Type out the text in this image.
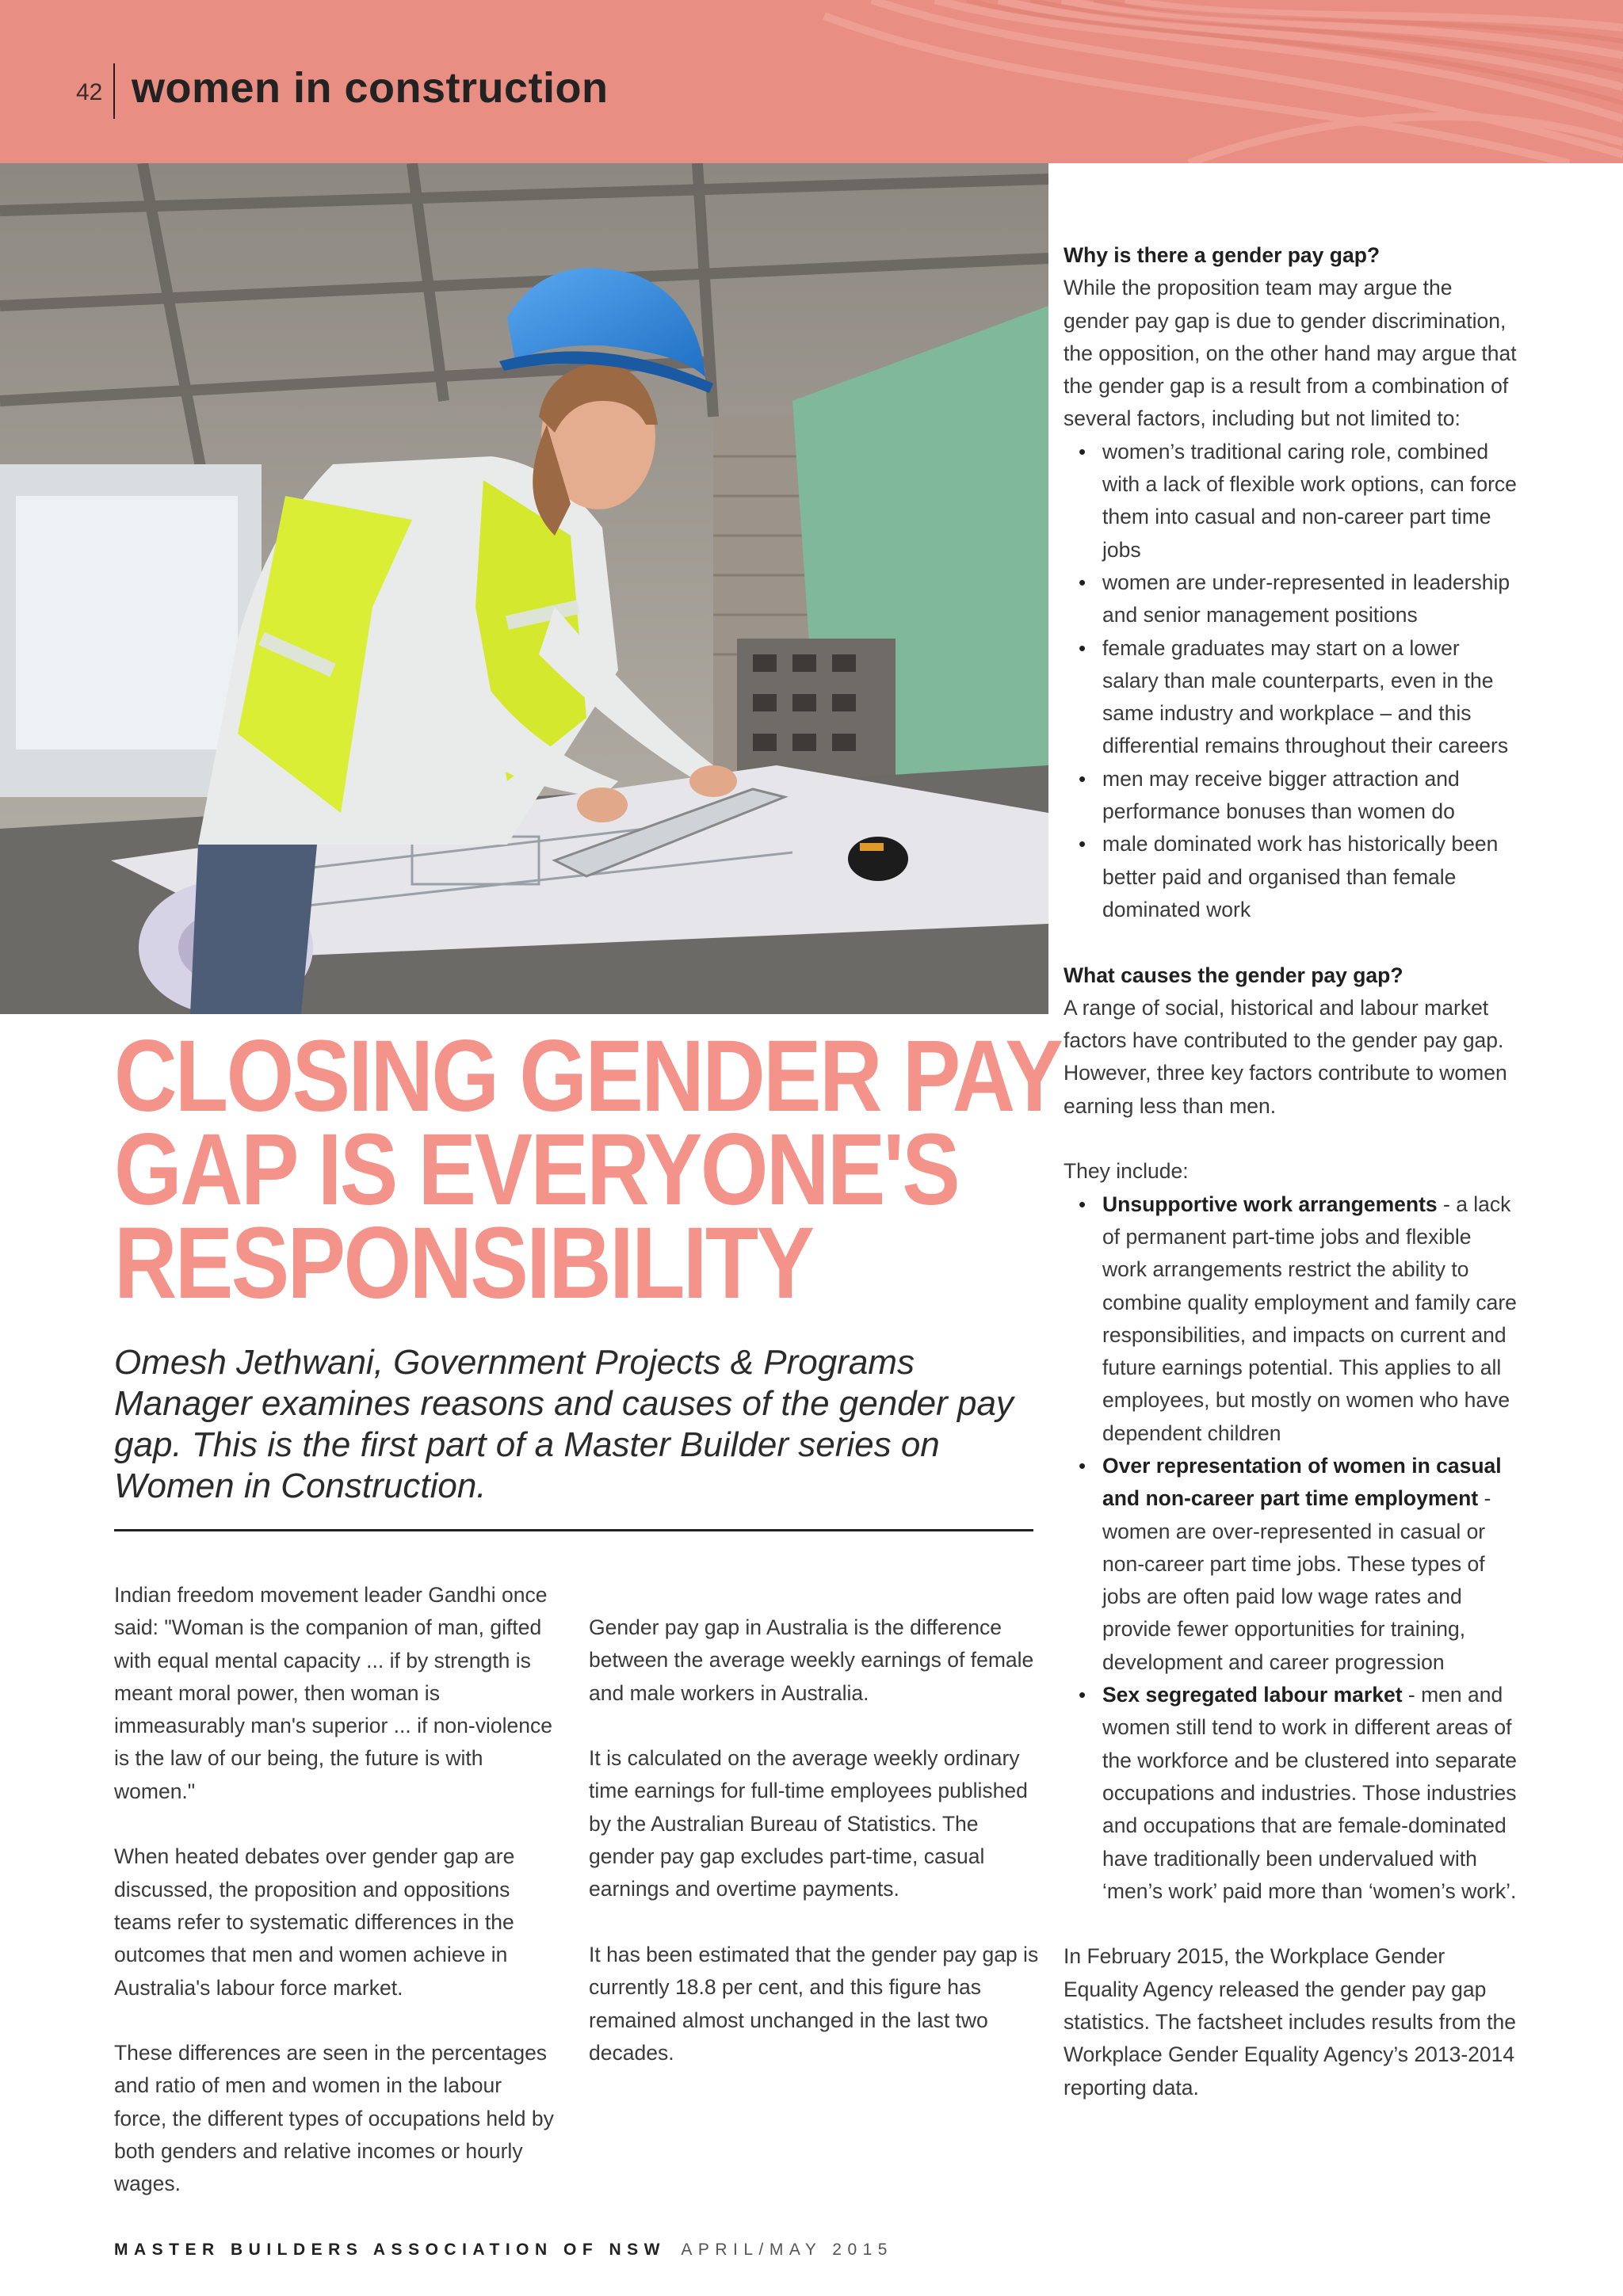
42 women in construction
CLOSING GENDER PAY
GAP IS EVERYONE'S
RESPONSIBILITY
Omesh Jethwani, Government Projects & Programs Manager examines reasons and causes of the gender pay gap. This is the first part of a Master Builder series on Women in Construction.

Indian freedom movement leader Gandhi once said: "Woman is the companion of man, gifted with equal mental capacity ... if by strength is meant moral power, then woman is immeasurably man's superior ... if non-violence is the law of our being, the future is with women."

When heated debates over gender gap are discussed, the proposition and oppositions teams refer to systematic differences in the outcomes that men and women achieve in Australia's labour force market.

These differences are seen in the percentages and ratio of men and women in the labour force, the different types of occupations held by both genders and relative incomes or hourly wages.

Gender pay gap in Australia is the difference between the average weekly earnings of female and male workers in Australia.

It is calculated on the average weekly ordinary time earnings for full-time employees published by the Australian Bureau of Statistics. The gender pay gap excludes part-time, casual earnings and overtime payments.

It has been estimated that the gender pay gap is currently 18.8 per cent, and this figure has remained almost unchanged in the last two decades.

Why is there a gender pay gap?

While the proposition team may argue the gender pay gap is due to gender discrimination, the opposition, on the other hand may argue that the gender gap is a result from a combination of several factors, including but not limited to:

• women’s traditional caring role, combined with a lack of flexible work options, can force them into casual and non-career part time jobs
• women are under-represented in leadership and senior management positions
• female graduates may start on a lower salary than male counterparts, even in the same industry and workplace – and this differential remains throughout their careers
• men may receive bigger attraction and performance bonuses than women do
• male dominated work has historically been better paid and organised than female dominated work
What causes the gender pay gap?

A range of social, historical and labour market factors have contributed to the gender pay gap. However, three key factors contribute to women earning less than men.

They include:

• Unsupportive work arrangements - a lack of permanent part-time jobs and flexible work arrangements restrict the ability to combine quality employment and family care responsibilities, and impacts on current and future earnings potential. This applies to all employees, but mostly on women who have dependent children
• Over representation of women in casual and non-career part time employment - women are over-represented in casual or non-career part time jobs. These types of jobs are often paid low wage rates and provide fewer opportunities for training, development and career progression
• Sex segregated labour market - men and women still tend to work in different areas of the workforce and be clustered into separate occupations and industries. Those industries and occupations that are female-dominated have traditionally been undervalued with ‘men’s work’ paid more than ‘women’s work’.

In February 2015, the Workplace Gender Equality Agency released the gender pay gap statistics. The factsheet includes results from the Workplace Gender Equality Agency’s 2013-2014 reporting data.

MASTER BUILDERS ASSOCIATION OF NSW APRIL/MAY 2015
